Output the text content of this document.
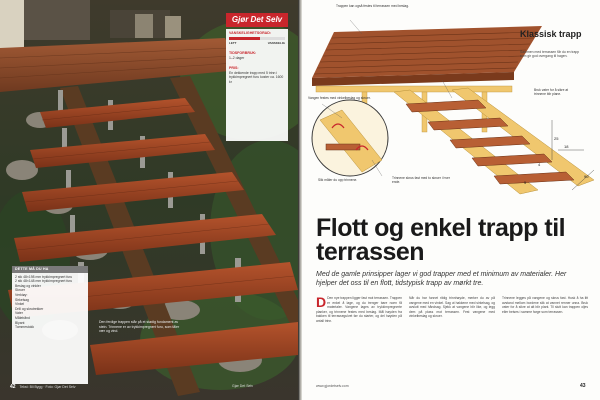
Gjør Det Selv
VANSKELIGHETSGRAD:
LETT	VANSKELIG
TIDSFORBRUK:
1–2 dager
PRIS:
En dekkende trapp med 5 trinn i trykkimpregnert furu koster ca. 1600 kr
DETTE MÅ DU HA
2 stk 48×198 mm trykkimpregnert furu
2 stk 48×148 mm trykkimpregnert furu
Beslag og vinkler
Skruer
Verktøy:
Sirkelsag
Vinkel
Drill og skrutrekker
Vater
Målebånd
Blyant
Tommestokk
Den ferdige trappen står på et stødig fundament av stein. Trinnene er av trykkimpregnert furu, som tåler vær og vind.
42 Tekst: Bli Bygg · Foto: Gjør Det Selv	Gjør Det Selv
25
18
90
4
5
Trappen kan også festes til terrassen med beslag.
Vangen festes med vinkelbeslag og skruer.
Slik måler du opp trinnene.	Trinnene skrus fast med to skruer i hver ende.
Bruk vater for å sikre at trinnene blir plane.
Klassisk trapp
Sammen med terrassen får du en trapp som gir god overgang til hagen.
Flott og enkel trapp til terrassen
Med de gamle prinsipper lager vi god trapper med et minimum av materialer. Her hjelper det oss til en flott, tidstypisk trapp av mørkt tre.
D Den nye trappen ligger fast mot terrassen. Trappen er enkel å lage, og du trenger bare noen få materialer. Vangene lages av trykkimpregnerte planker, og trinnene festes med beslag. Mål høyden fra bakken til terrassegulvet før du starter, og del høyden på antall trinn.
Når du har funnet riktig trinnhøyde, merker du av på vangene med en vinkel. Sag ut hakkene med sirkelsag, og avslutt med håndsag. Sjekk at vangene blir like, og legg dem på plass mot terrassen. Fest vangene med vinkelbeslag og skruer.
Trinnene legges på vangene og skrus fast. Husk å ha litt avstand mellom bordene slik at vannet renner unna. Bruk vater for å sikre at alt blir plant. Til slutt kan trappen oljes eller beises i samme farge som terrassen.
www.gjordetselv.com	43
